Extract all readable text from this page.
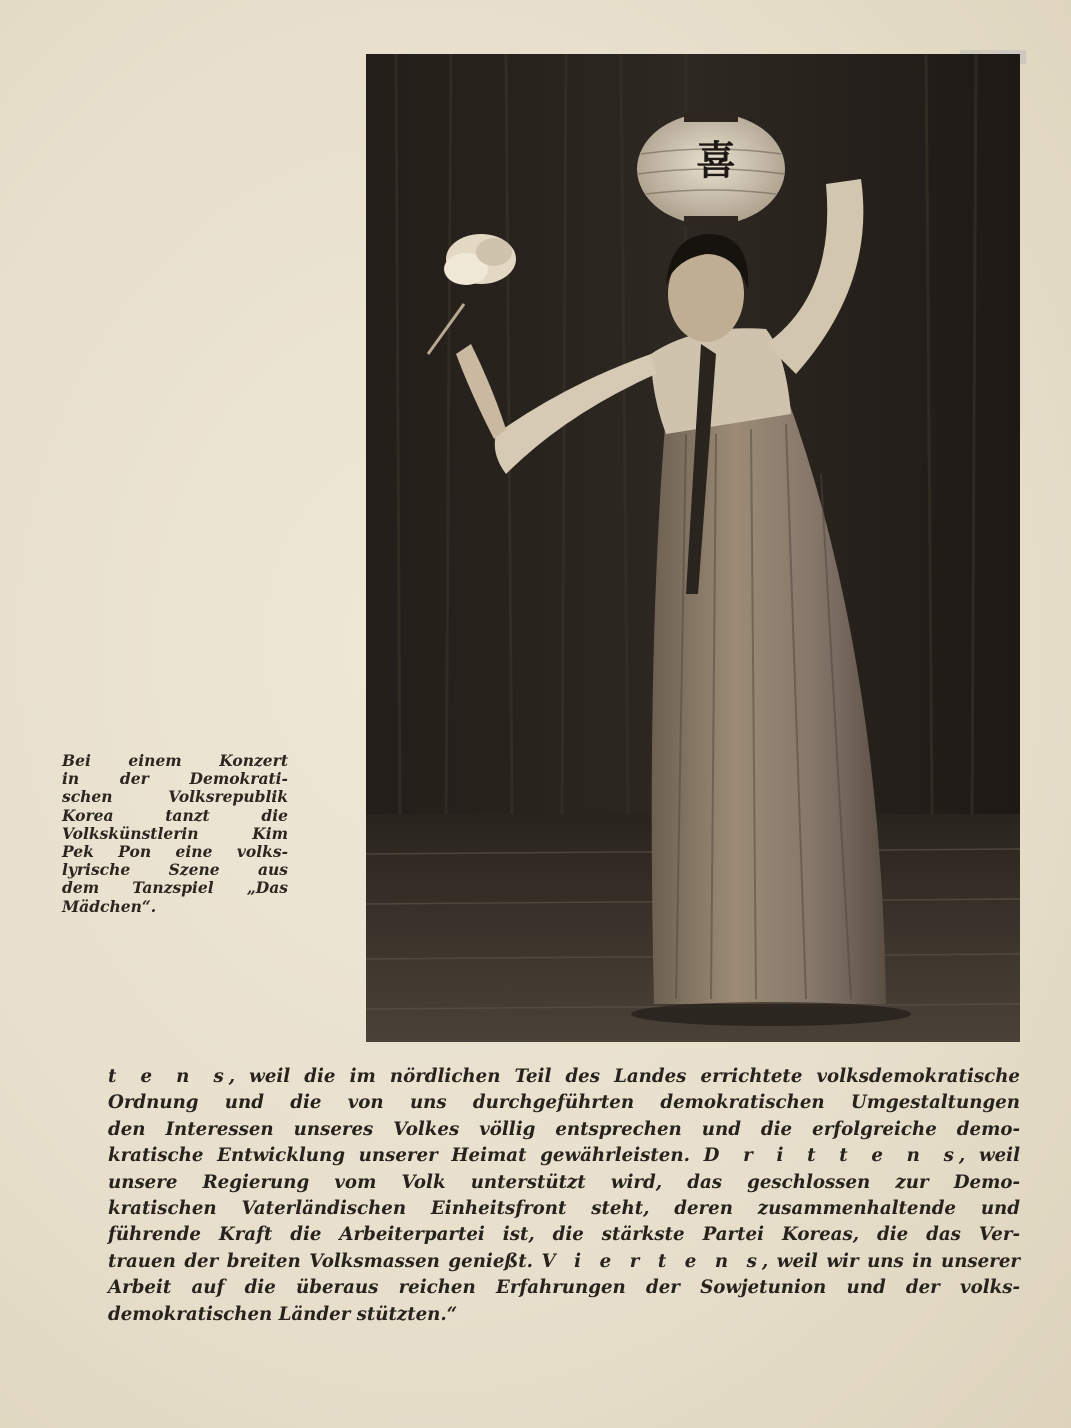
喜
Bei einem Konzert
in der Demokrati-
schen Volksrepublik
Korea tanzt die
Volkskünstlerin Kim
Pek Pon eine volks-
lyrische Szene aus
dem Tanzspiel „Das
Mädchen“.
t e n s, weil die im nördlichen Teil des Landes errichtete volksdemokratische
Ordnung und die von uns durchgeführten demokratischen Umgestaltungen
den Interessen unseres Volkes völlig entsprechen und die erfolgreiche demo-
kratische Entwicklung unserer Heimat gewährleisten. D r i t t e n s, weil
unsere Regierung vom Volk unterstützt wird, das geschlossen zur Demo-
kratischen Vaterländischen Einheitsfront steht, deren zusammenhaltende und
führende Kraft die Arbeiterpartei ist, die stärkste Partei Koreas, die das Ver-
trauen der breiten Volksmassen genießt. V i e r t e n s, weil wir uns in unserer
Arbeit auf die überaus reichen Erfahrungen der Sowjetunion und der volks-
demokratischen Länder stützten.“
